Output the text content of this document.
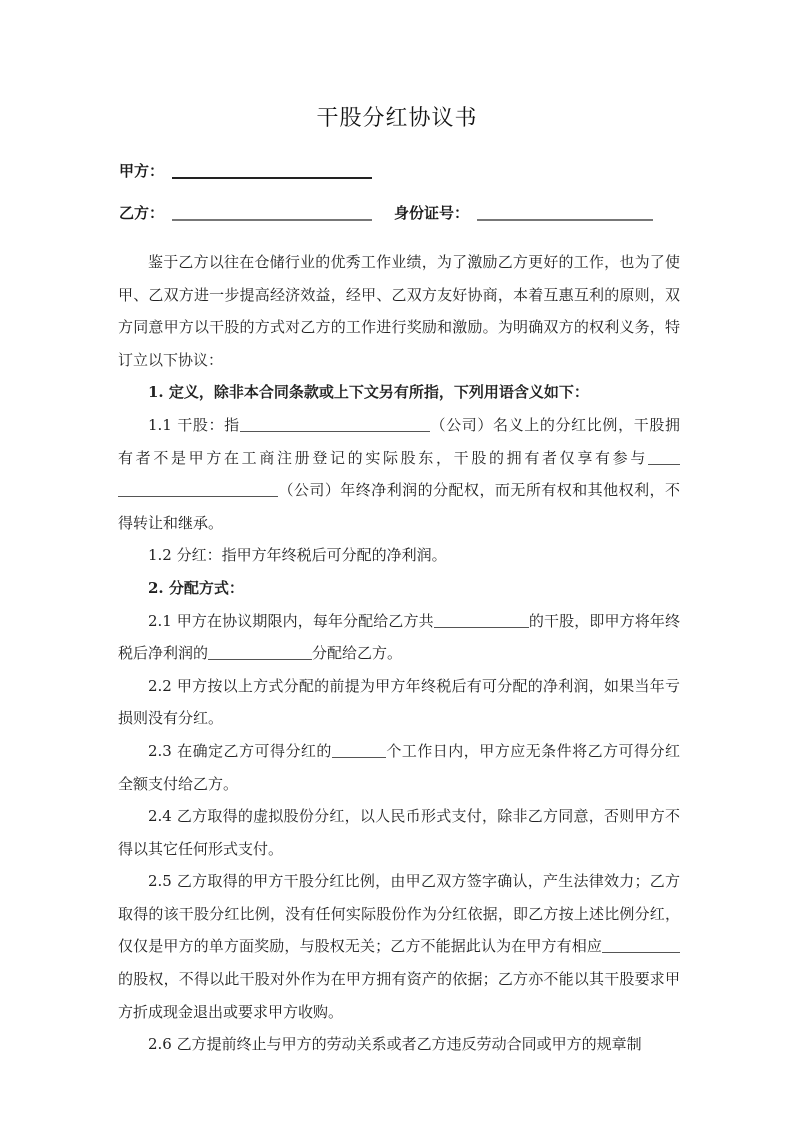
干股分红协议书
甲方：
乙方：	身份证号：

鉴于乙方以往在仓储行业的优秀工作业绩，为了激励乙方更好的工作，也为了使甲、乙双方进一步提高经济效益，经甲、乙双方友好协商，本着互惠互利的原则，双方同意甲方以干股的方式对乙方的工作进行奖励和激励。为明确双方的权利义务，特订立以下协议：

1. 定义，除非本合同条款或上下文另有所指，下列用语含义如下：

1.1 干股：指	（公司）名义上的分红比例，干股拥有者不是甲方在工商注册登记的实际股东，干股的拥有者仅享有参与 （公司）年终净利润的分配权，而无所有权和其他权利，不得转让和继承。

1.2 分红：指甲方年终税后可分配的净利润。

2. 分配方式：

2.1 甲方在协议期限内，每年分配给乙方共	的干股，即甲方将年终税后净利润的	分配给乙方。

2.2 甲方按以上方式分配的前提为甲方年终税后有可分配的净利润，如果当年亏损则没有分红。

2.3 在确定乙方可得分红的	个工作日内，甲方应无条件将乙方可得分红全额支付给乙方。

2.4 乙方取得的虚拟股份分红，以人民币形式支付，除非乙方同意，否则甲方不得以其它任何形式支付。

2.5 乙方取得的甲方干股分红比例，由甲乙双方签字确认，产生法律效力；乙方取得的该干股分红比例，没有任何实际股份作为分红依据，即乙方按上述比例分红，仅仅是甲方的单方面奖励，与股权无关；乙方不能据此认为在甲方有相应的股权，不得以此干股对外作为在甲方拥有资产的依据；乙方亦不能以其干股要求甲方折成现金退出或要求甲方收购。

2.6 乙方提前终止与甲方的劳动关系或者乙方违反劳动合同或甲方的规章制
